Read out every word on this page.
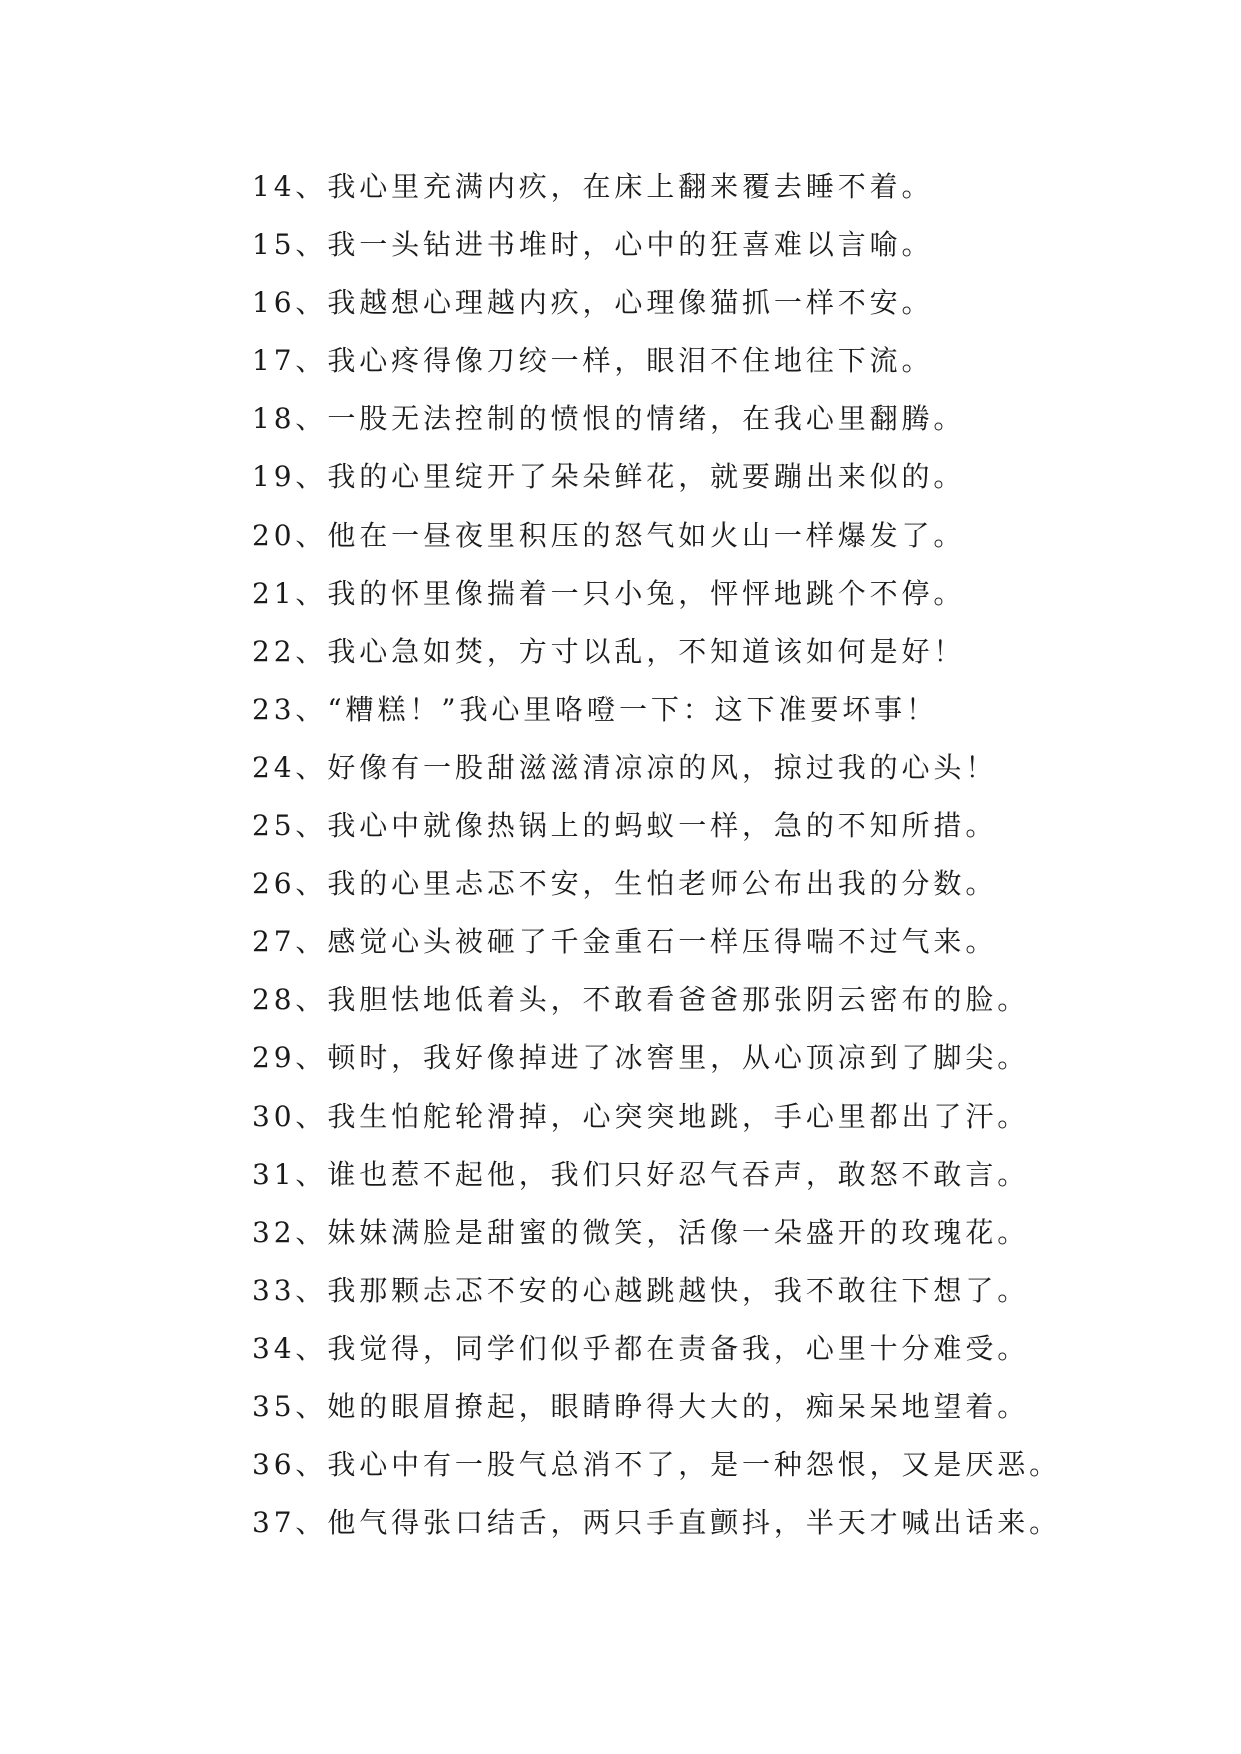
14、我心里充满内疚，在床上翻来覆去睡不着。
15、我一头钻进书堆时，心中的狂喜难以言喻。
16、我越想心理越内疚，心理像猫抓一样不安。
17、我心疼得像刀绞一样，眼泪不住地往下流。
18、一股无法控制的愤恨的情绪，在我心里翻腾。
19、我的心里绽开了朵朵鲜花，就要蹦出来似的。
20、他在一昼夜里积压的怒气如火山一样爆发了。
21、我的怀里像揣着一只小兔，怦怦地跳个不停。
22、我心急如焚，方寸以乱，不知道该如何是好！
23、“糟糕！”我心里咯噔一下：这下准要坏事！
24、好像有一股甜滋滋清凉凉的风，掠过我的心头！
25、我心中就像热锅上的蚂蚁一样，急的不知所措。
26、我的心里忐忑不安，生怕老师公布出我的分数。
27、感觉心头被砸了千金重石一样压得喘不过气来。
28、我胆怯地低着头，不敢看爸爸那张阴云密布的脸。
29、顿时，我好像掉进了冰窖里，从心顶凉到了脚尖。
30、我生怕舵轮滑掉，心突突地跳，手心里都出了汗。
31、谁也惹不起他，我们只好忍气吞声，敢怒不敢言。
32、妹妹满脸是甜蜜的微笑，活像一朵盛开的玫瑰花。
33、我那颗忐忑不安的心越跳越快，我不敢往下想了。
34、我觉得，同学们似乎都在责备我，心里十分难受。
35、她的眼眉撩起，眼睛睁得大大的，痴呆呆地望着。
36、我心中有一股气总消不了，是一种怨恨，又是厌恶。
37、他气得张口结舌，两只手直颤抖，半天才喊出话来。
